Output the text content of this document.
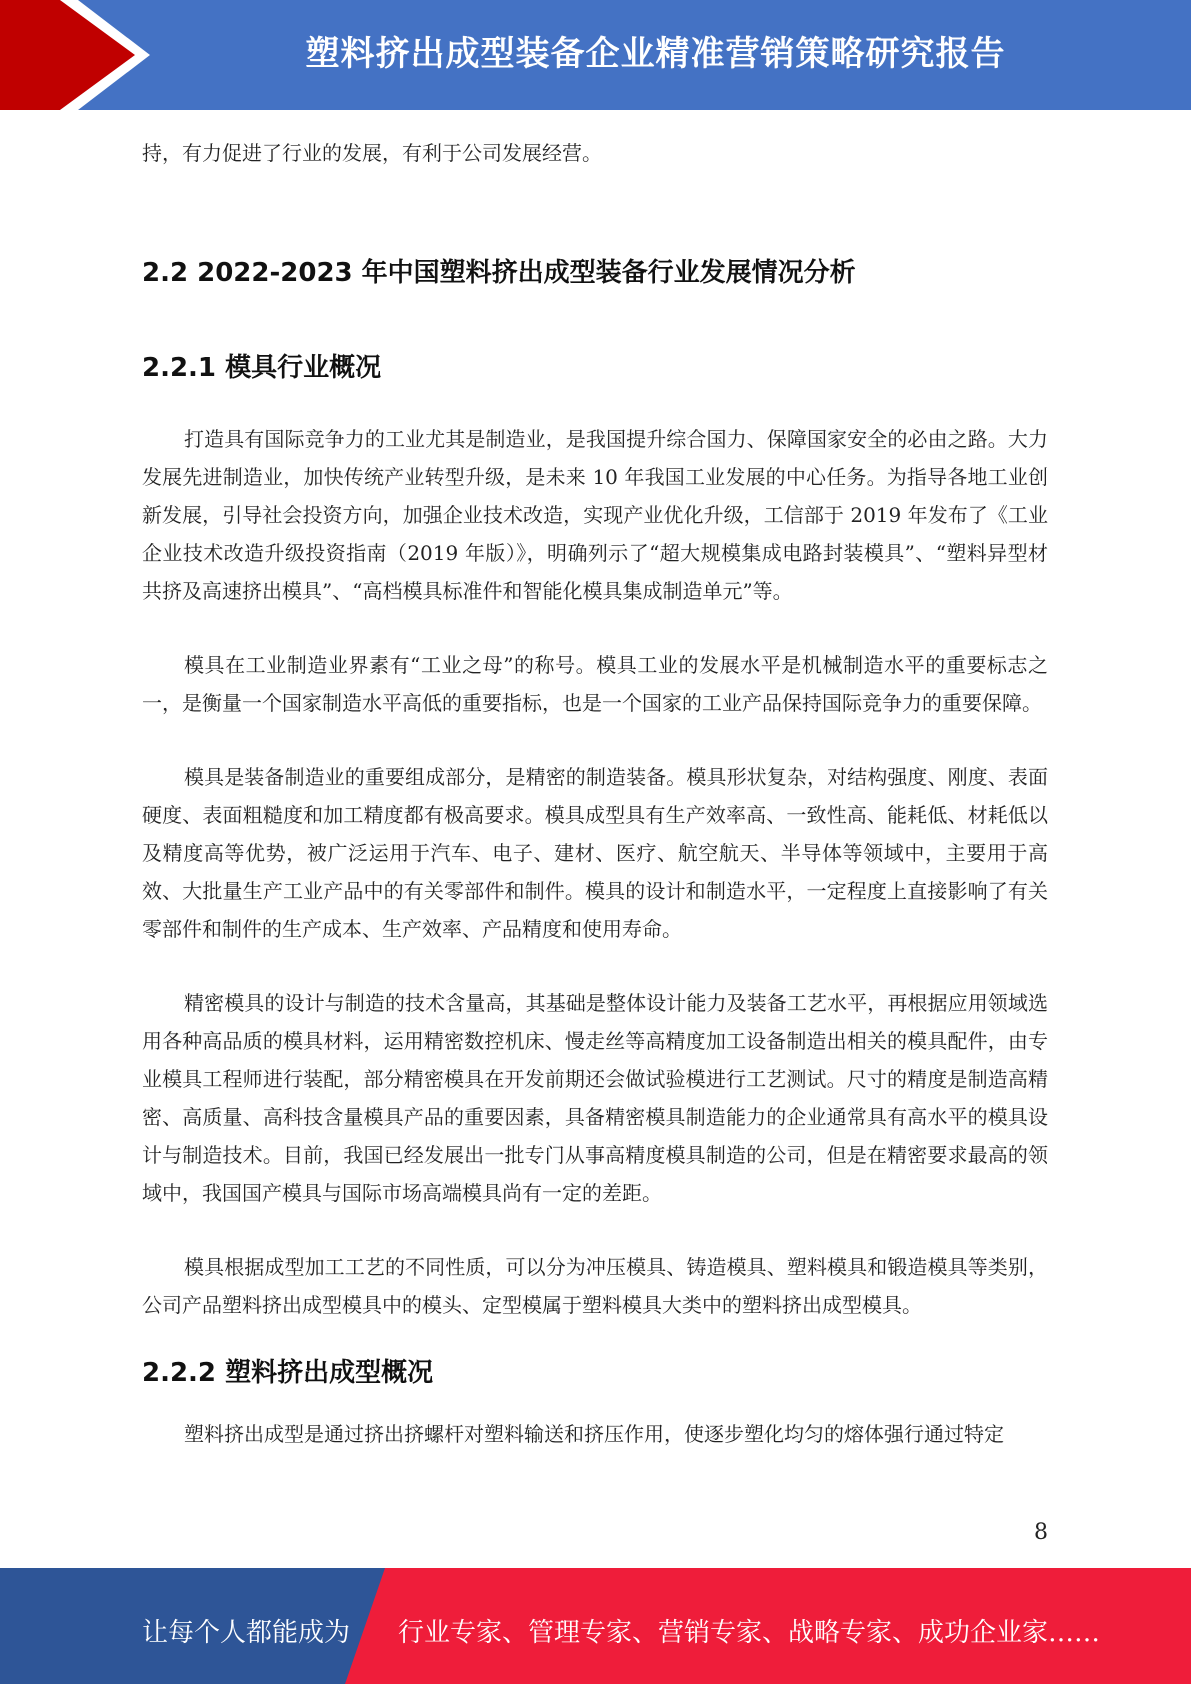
塑料挤出成型装备企业精准营销策略研究报告

持，有力促进了行业的发展，有利于公司发展经营。

2.2 2022-2023 年中国塑料挤出成型装备行业发展情况分析
2.2.1 模具行业概况

打造具有国际竞争力的工业尤其是制造业，是我国提升综合国力、保障国家安全的必由之路。大力发展先进制造业，加快传统产业转型升级，是未来 10 年我国工业发展的中心任务。为指导各地工业创新发展，引导社会投资方向，加强企业技术改造，实现产业优化升级，工信部于 2019 年发布了《工业企业技术改造升级投资指南（2019 年版）》，明确列示了“超大规模集成电路封装模具”、“塑料异型材共挤及高速挤出模具”、“高档模具标准件和智能化模具集成制造单元”等。

模具在工业制造业界素有“工业之母”的称号。模具工业的发展水平是机械制造水平的重要标志之一，是衡量一个国家制造水平高低的重要指标，也是一个国家的工业产品保持国际竞争力的重要保障。

模具是装备制造业的重要组成部分，是精密的制造装备。模具形状复杂，对结构强度、刚度、表面硬度、表面粗糙度和加工精度都有极高要求。模具成型具有生产效率高、一致性高、能耗低、材耗低以及精度高等优势，被广泛运用于汽车、电子、建材、医疗、航空航天、半导体等领域中，主要用于高效、大批量生产工业产品中的有关零部件和制件。模具的设计和制造水平，一定程度上直接影响了有关零部件和制件的生产成本、生产效率、产品精度和使用寿命。

精密模具的设计与制造的技术含量高，其基础是整体设计能力及装备工艺水平，再根据应用领域选用各种高品质的模具材料，运用精密数控机床、慢走丝等高精度加工设备制造出相关的模具配件，由专业模具工程师进行装配，部分精密模具在开发前期还会做试验模进行工艺测试。尺寸的精度是制造高精密、高质量、高科技含量模具产品的重要因素，具备精密模具制造能力的企业通常具有高水平的模具设计与制造技术。目前，我国已经发展出一批专门从事高精度模具制造的公司，但是在精密要求最高的领域中，我国国产模具与国际市场高端模具尚有一定的差距。

模具根据成型加工工艺的不同性质，可以分为冲压模具、铸造模具、塑料模具和锻造模具等类别，公司产品塑料挤出成型模具中的模头、定型模属于塑料模具大类中的塑料挤出成型模具。

2.2.2 塑料挤出成型概况

塑料挤出成型是通过挤出挤螺杆对塑料输送和挤压作用，使逐步塑化均匀的熔体强行通过特定

8
让每个人都能成为 行业专家、管理专家、营销专家、战略专家、成功企业家……
